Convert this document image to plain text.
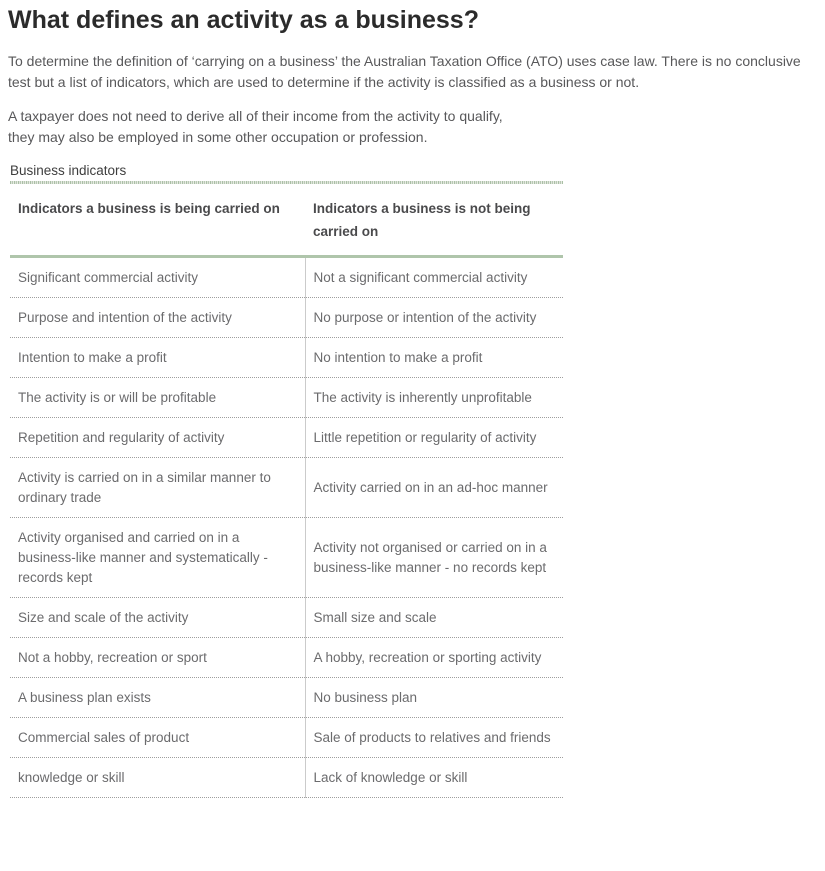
What defines an activity as a business?

To determine the definition of ‘carrying on a business’ the Australian Taxation Office (ATO) uses case law. There is no conclusive test but a list of indicators, which are used to determine if the activity is classified as a business or not.

A taxpayer does not need to derive all of their income from the activity to qualify,
they may also be employed in some other occupation or profession.

Business indicators
Indicators a business is being carried on	Indicators a business is not being carried on
Significant commercial activity	Not a significant commercial activity
Purpose and intention of the activity	No purpose or intention of the activity
Intention to make a profit	No intention to make a profit
The activity is or will be profitable	The activity is inherently unprofitable
Repetition and regularity of activity	Little repetition or regularity of activity
Activity is carried on in a similar manner to ordinary trade	Activity carried on in an ad-hoc manner
Activity organised and carried on in a business-like manner and systematically - records kept	Activity not organised or carried on in a business-like manner - no records kept
Size and scale of the activity	Small size and scale
Not a hobby, recreation or sport	A hobby, recreation or sporting activity
A business plan exists	No business plan
Commercial sales of product	Sale of products to relatives and friends
knowledge or skill	Lack of knowledge or skill
